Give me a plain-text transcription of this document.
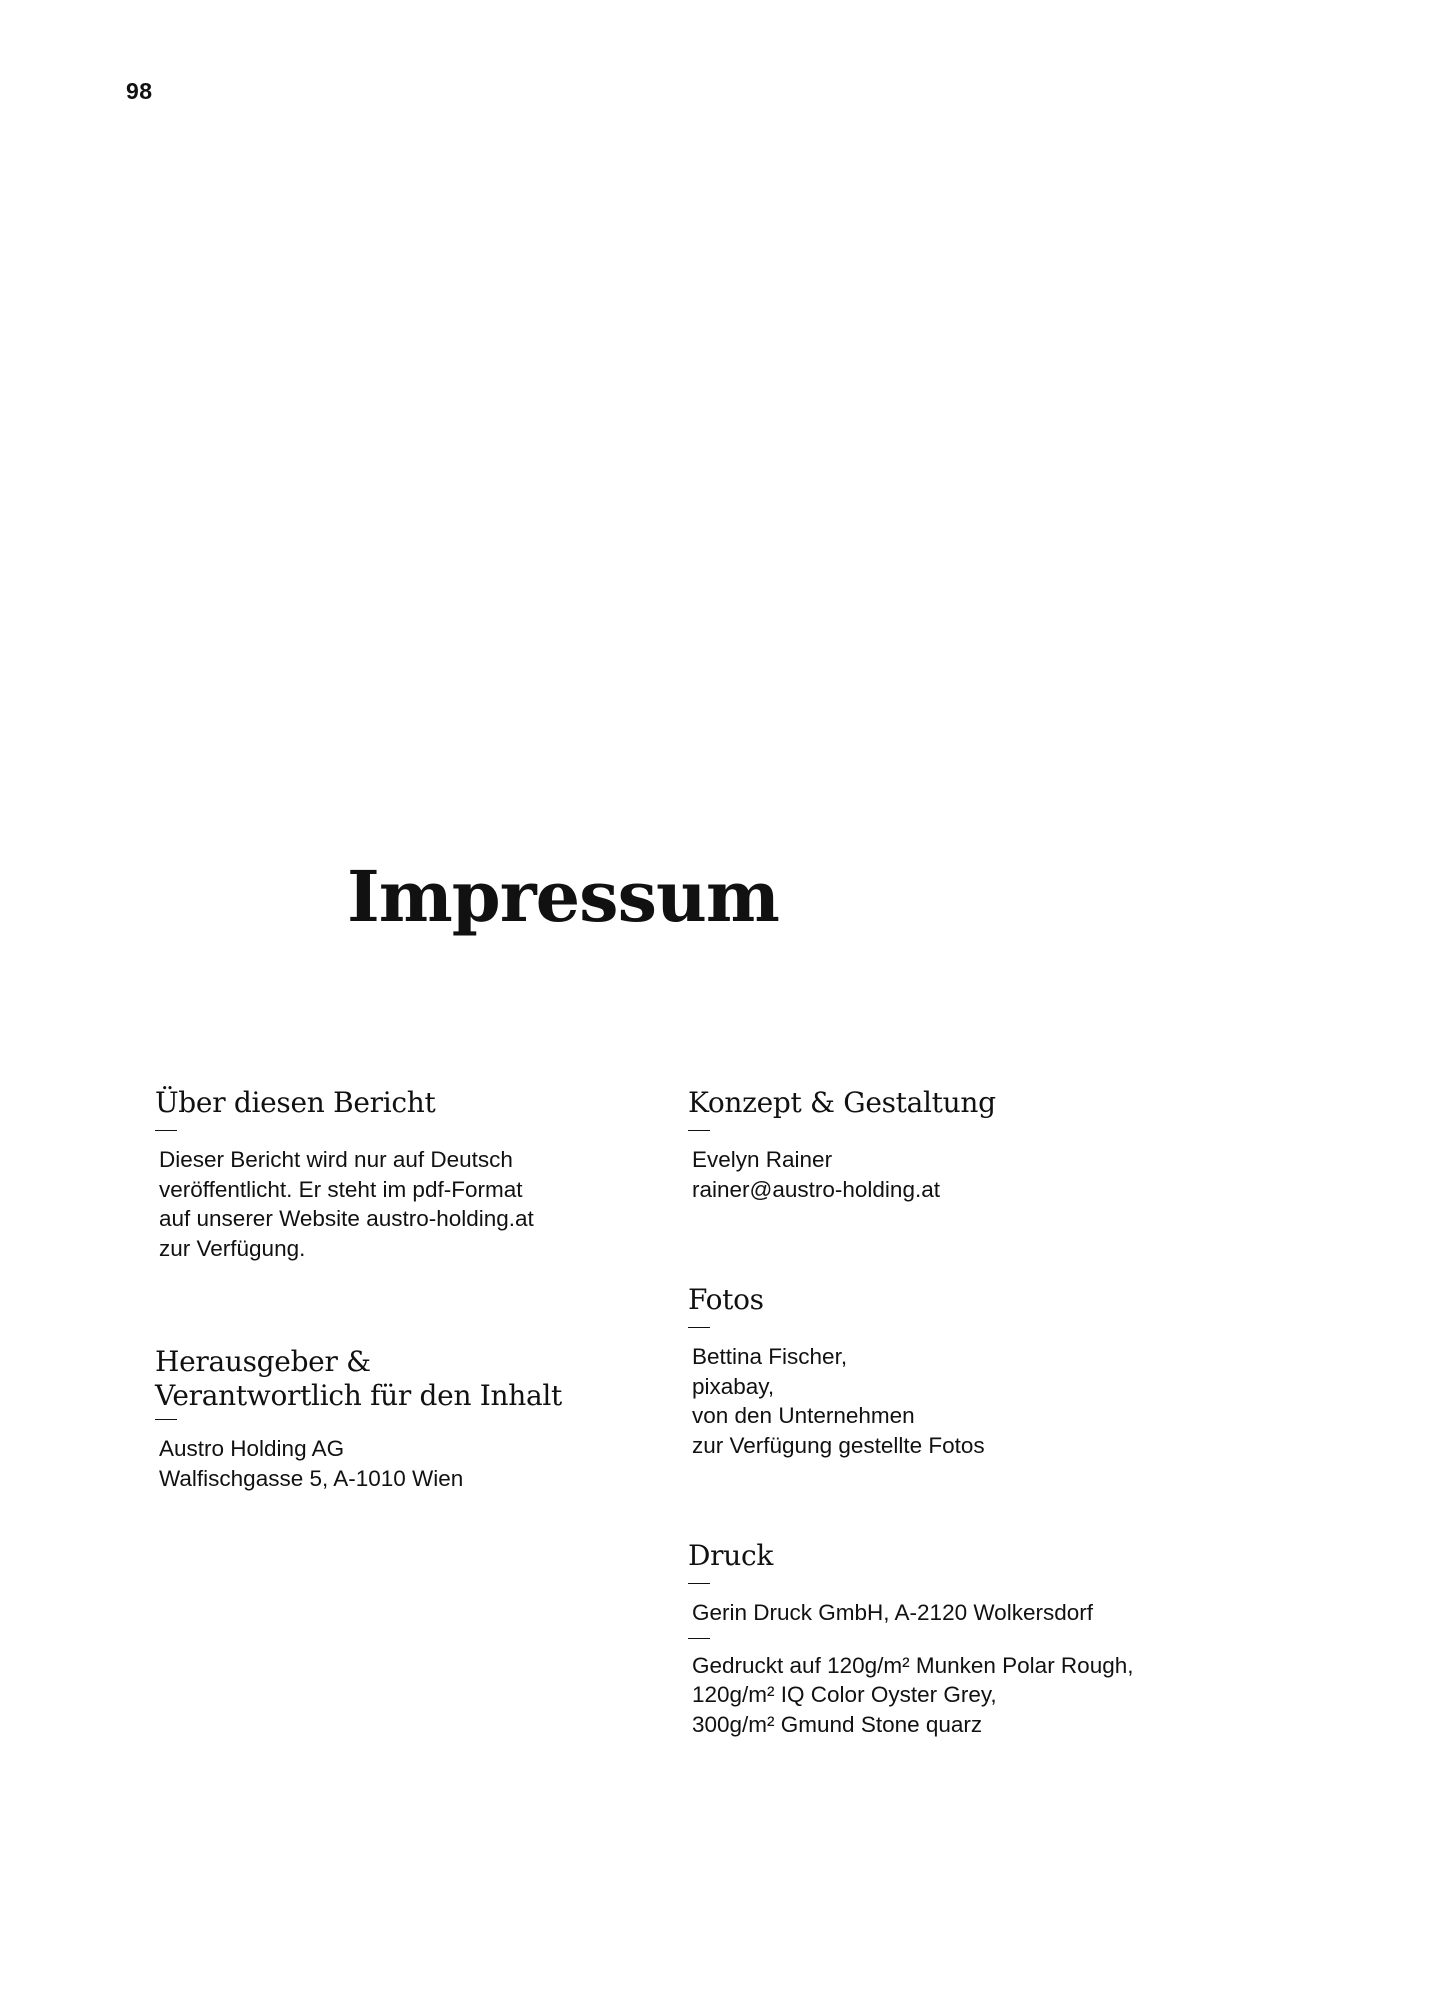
98
Impressum
Über diesen Bericht

Dieser Bericht wird nur auf Deutsch
veröffentlicht. Er steht im pdf-Format
auf unserer Website austro-holding.at
zur Verfügung.

Herausgeber &
Verantwortlich für den Inhalt

Austro Holding AG
Walfischgasse 5, A-1010 Wien

Konzept & Gestaltung

Evelyn Rainer
rainer@austro-holding.at

Fotos

Bettina Fischer,
pixabay,
von den Unternehmen
zur Verfügung gestellte Fotos

Druck

Gerin Druck GmbH, A-2120 Wolkersdorf

Gedruckt auf 120g/m² Munken Polar Rough,
120g/m² IQ Color Oyster Grey,
300g/m² Gmund Stone quarz
